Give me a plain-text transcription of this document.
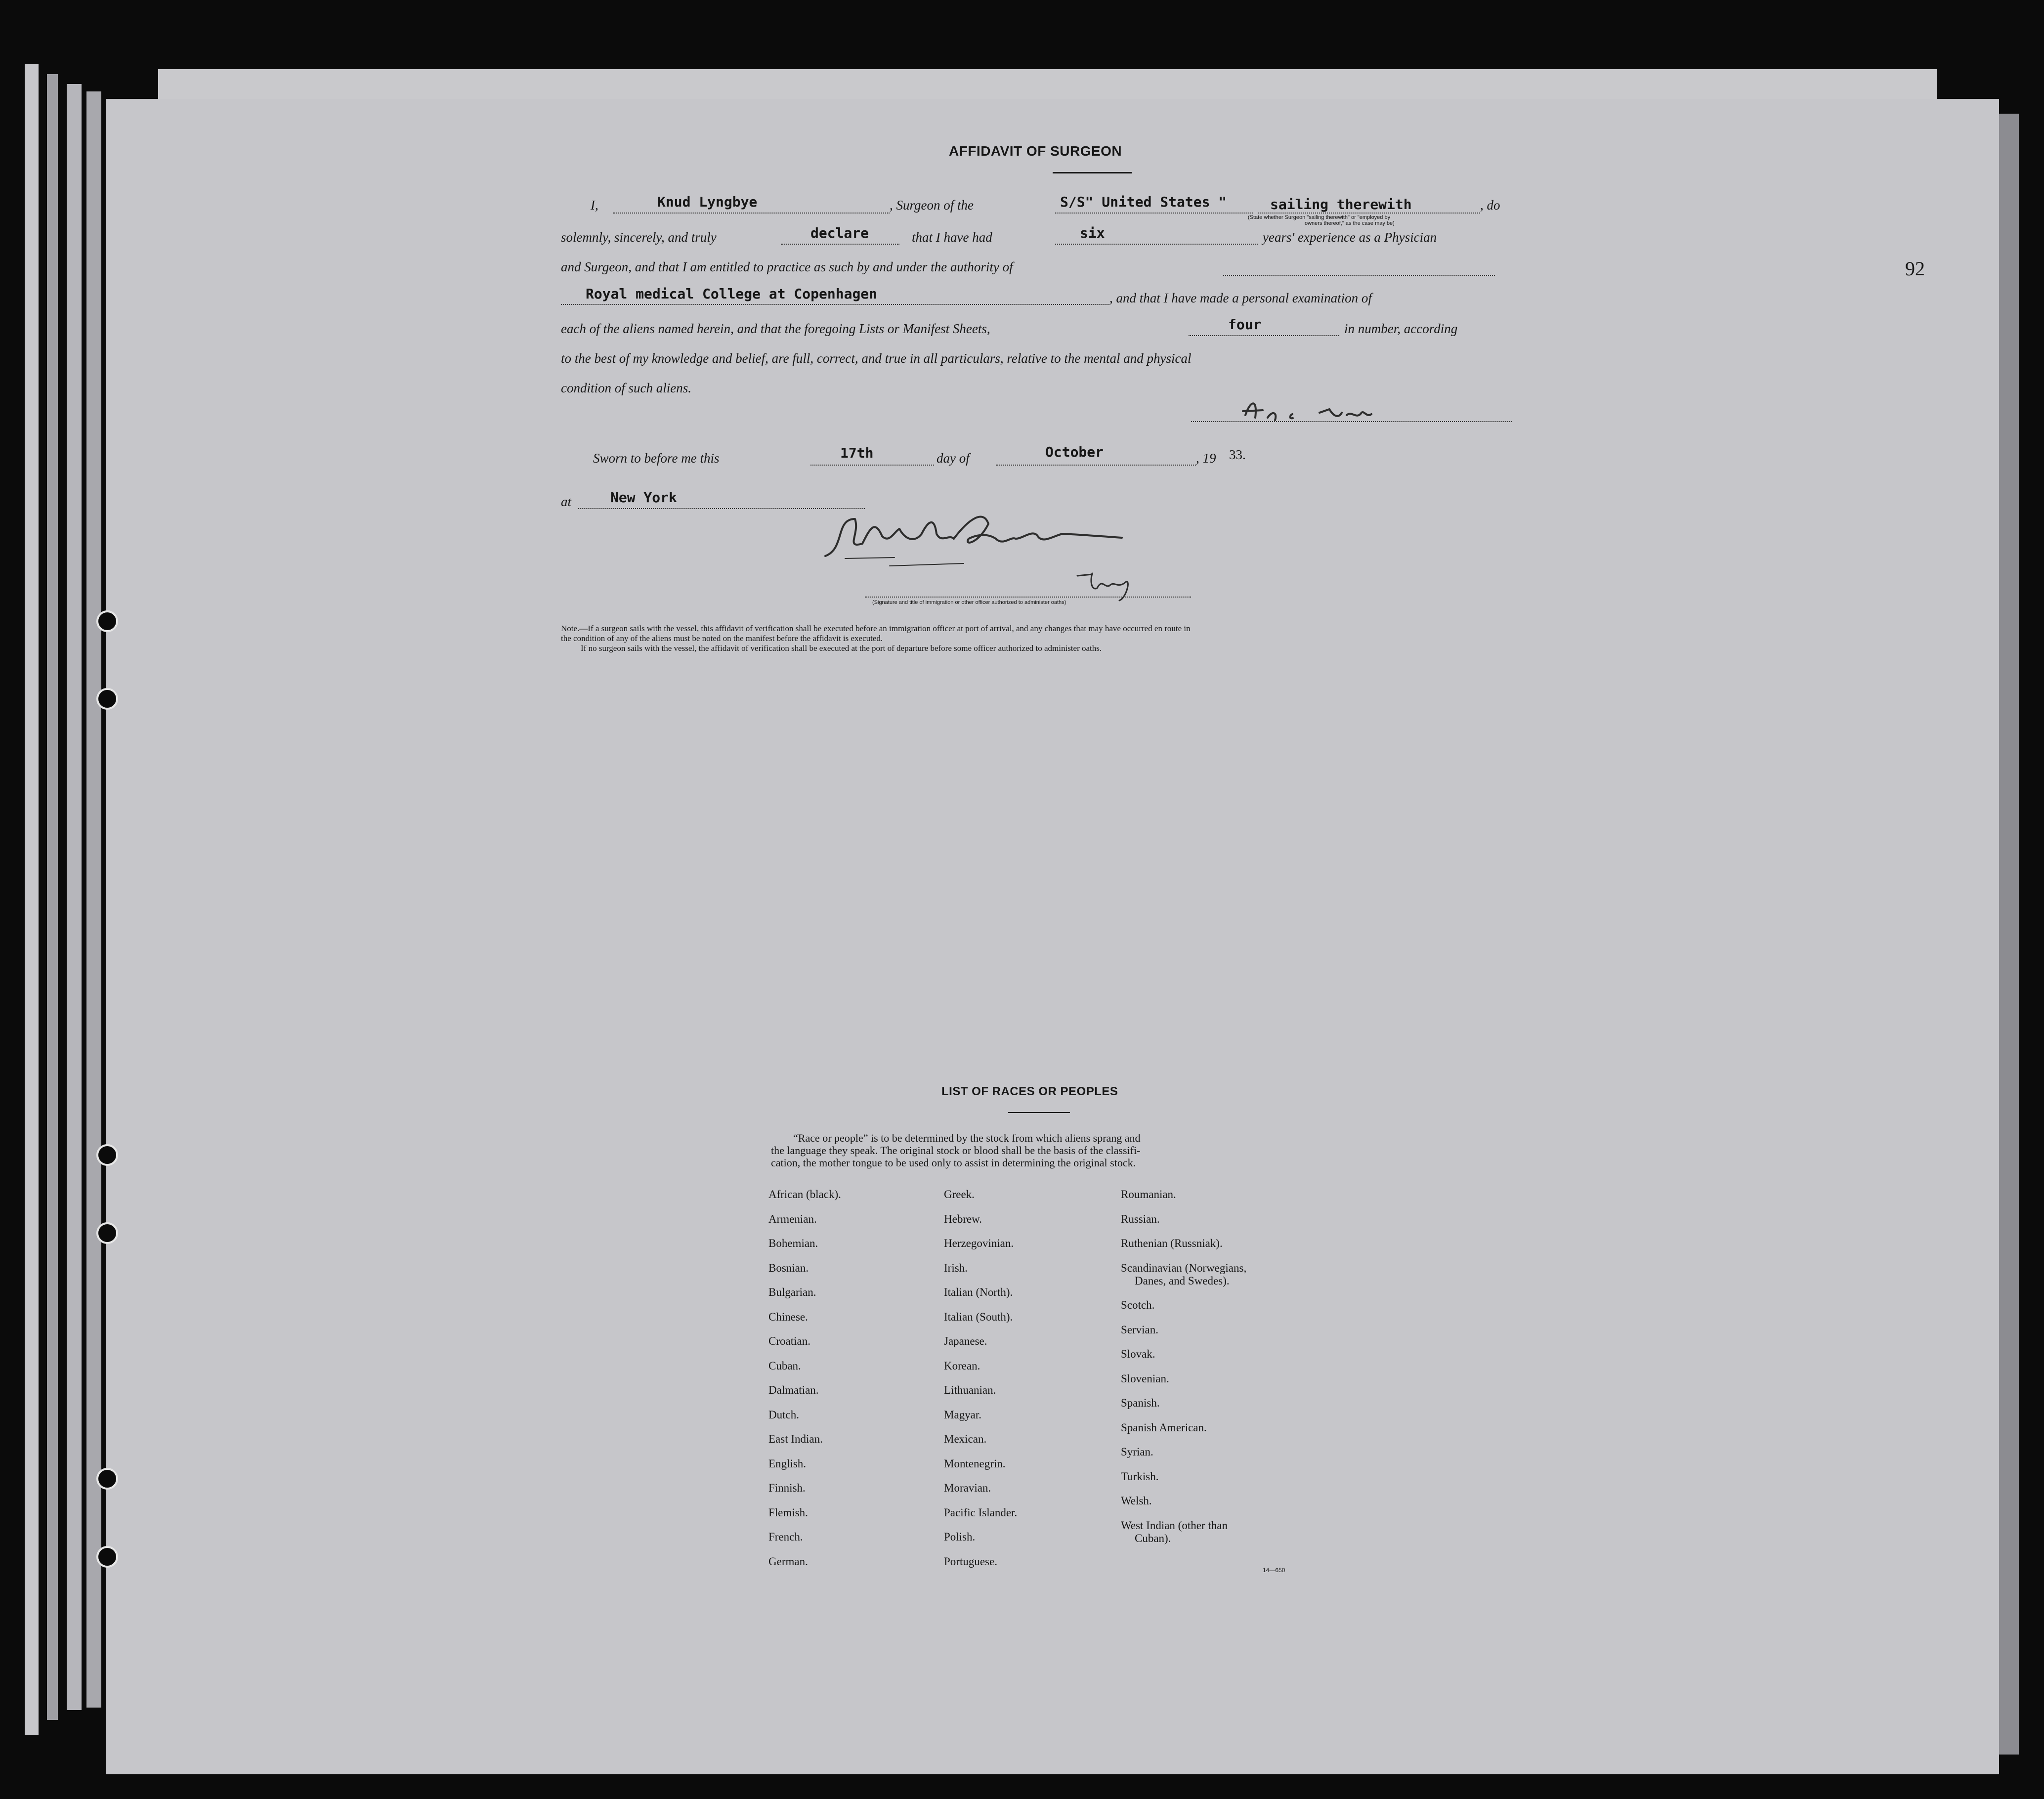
92
AFFIDAVIT OF SURGEON
I,	Knud Lyngbye	, Surgeon of the	S/S" United States "	sailing therewith	, do
(State whether Surgeon "sailing therewith" or "employed by
owners thereof," as the case may be)
solemnly, sincerely, and truly	declare	that I have had	six	years' experience as a Physician
and Surgeon, and that I am entitled to practice as such by and under the authority of
Royal medical College at Copenhagen	, and that I have made a personal examination of
each of the aliens named herein, and that the foregoing Lists or Manifest Sheets,	four	in number, according
to the best of my knowledge and belief, are full, correct, and true in all particulars, relative to the mental and physical
condition of such aliens.
Sworn to before me this	17th	day of	October	, 19 33.
at	New York
(Signature and title of immigration or other officer authorized to administer oaths)
Note.—If a surgeon sails with the vessel, this affidavit of verification shall be executed before an immigration officer at port of arrival, and any changes that may have occurred en route in
the condition of any of the aliens must be noted on the manifest before the affidavit is executed.
If no surgeon sails with the vessel, the affidavit of verification shall be executed at the port of departure before some officer authorized to administer oaths.
LIST OF RACES OR PEOPLES
“Race or people” is to be determined by the stock from which aliens sprang and
the language they speak. The original stock or blood shall be the basis of the classifi-
cation, the mother tongue to be used only to assist in determining the original stock.
African (black).
Armenian.
Bohemian.
Bosnian.
Bulgarian.
Chinese.
Croatian.
Cuban.
Dalmatian.
Dutch.
East Indian.
English.
Finnish.
Flemish.
French.
German.
Greek.
Hebrew.
Herzegovinian.
Irish.
Italian (North).
Italian (South).
Japanese.
Korean.
Lithuanian.
Magyar.
Mexican.
Montenegrin.
Moravian.
Pacific Islander.
Polish.
Portuguese.
Roumanian.
Russian.
Ruthenian (Russniak).
Scandinavian (Norwegians,
Danes, and Swedes).
Scotch.
Servian.
Slovak.
Slovenian.
Spanish.
Spanish American.
Syrian.
Turkish.
Welsh.
West Indian (other than
Cuban).
14—650
